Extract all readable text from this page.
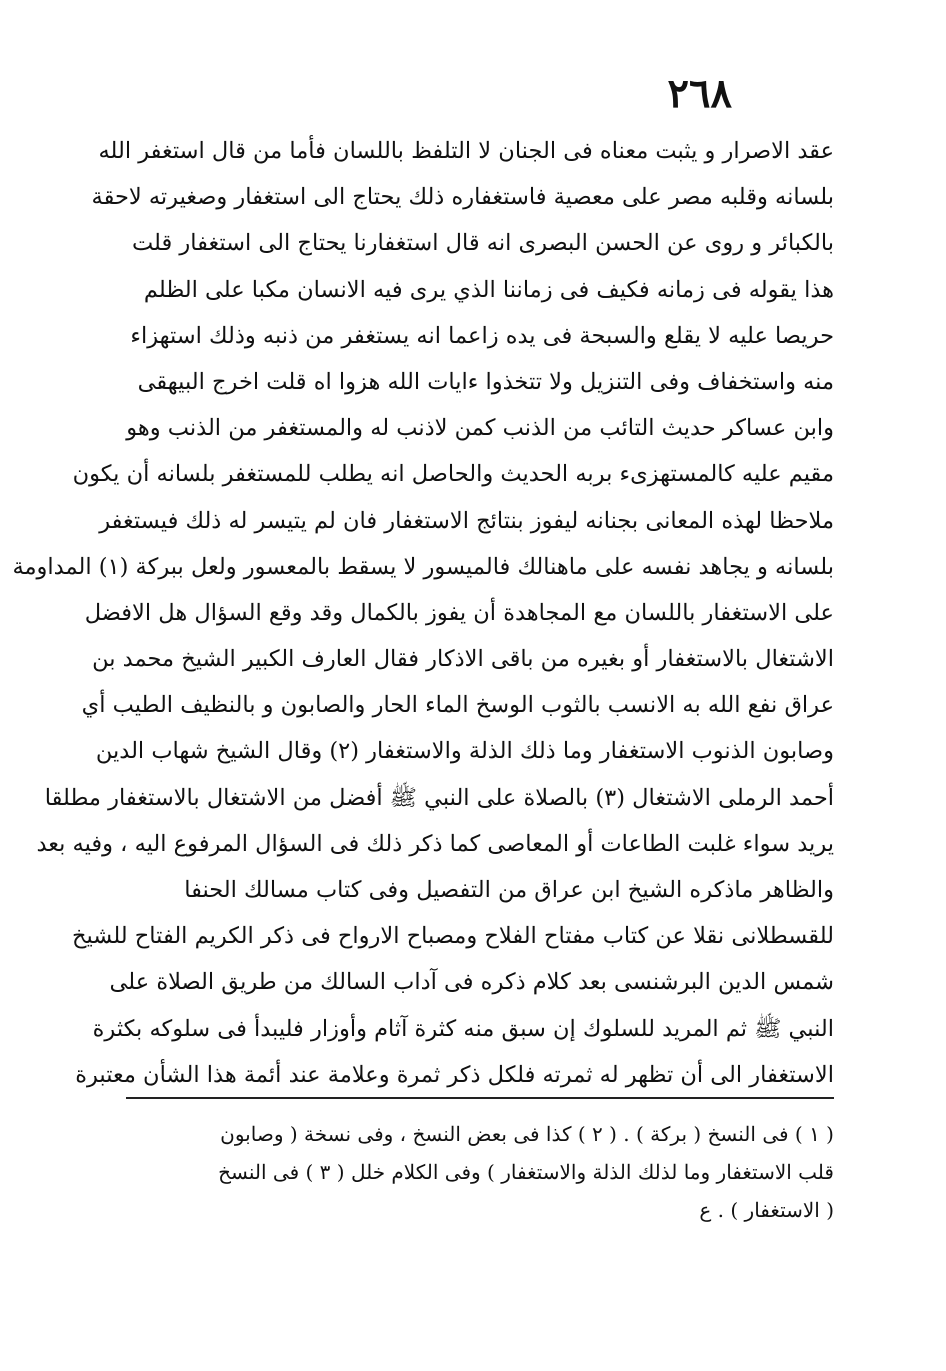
٢٦٨
عقد الاصرار و يثبت معناه فى الجنان لا التلفظ باللسان فأما من قال استغفر الله
بلسانه وقلبه مصر على معصية فاستغفاره ذلك يحتاج الى استغفار وصغيرته لاحقة
بالكبائر و روى عن الحسن البصرى انه قال استغفارنا يحتاج الى استغفار قلت
هذا يقوله فى زمانه فكيف فى زماننا الذي يرى فيه الانسان مكبا على الظلم
حريصا عليه لا يقلع والسبحة فى يده زاعما انه يستغفر من ذنبه وذلك استهزاء
منه واستخفاف وفى التنزيل ولا تتخذوا ءايات الله هزوا اه قلت اخرج البيهقى
وابن عساكر حديث التائب من الذنب كمن لاذنب له والمستغفر من الذنب وهو
مقيم عليه كالمستهزىء بربه الحديث والحاصل انه يطلب للمستغفر بلسانه أن يكون
ملاحظا لهذه المعانى بجنانه ليفوز بنتائج الاستغفار فان لم يتيسر له ذلك فيستغفر
بلسانه و يجاهد نفسه على ماهنالك فالميسور لا يسقط بالمعسور ولعل ببركة (١) المداومة
على الاستغفار باللسان مع المجاهدة أن يفوز بالكمال وقد وقع السؤال هل الافضل
الاشتغال بالاستغفار أو بغيره من باقى الاذكار فقال العارف الكبير الشيخ محمد بن
عراق نفع الله به الانسب بالثوب الوسخ الماء الحار والصابون و بالنظيف الطيب أي
وصابون الذنوب الاستغفار وما ذلك الذلة والاستغفار (٢) وقال الشيخ شهاب الدين
أحمد الرملى الاشتغال (٣) بالصلاة على النبي ﷺ أفضل من الاشتغال بالاستغفار مطلقا
يريد سواء غلبت الطاعات أو المعاصى كما ذكر ذلك فى السؤال المرفوع اليه ، وفيه بعد
والظاهر ماذكره الشيخ ابن عراق من التفصيل وفى كتاب مسالك الحنفا
للقسطلانى نقلا عن كتاب مفتاح الفلاح ومصباح الارواح فى ذكر الكريم الفتاح للشيخ
شمس الدين البرشنسى بعد كلام ذكره فى آداب السالك من طريق الصلاة على
النبي ﷺ ثم المريد للسلوك إن سبق منه كثرة آثام وأوزار فليبدأ فى سلوكه بكثرة
الاستغفار الى أن تظهر له ثمرته فلكل ذكر ثمرة وعلامة عند أئمة هذا الشأن معتبرة
( ١ ) فى النسخ ( بركة ) . ( ٢ ) كذا فى بعض النسخ ، وفى نسخة ( وصابون
قلب الاستغفار وما لذلك الذلة والاستغفار ) وفى الكلام خلل ( ٣ ) فى النسخ
( الاستغفار ) . ع
